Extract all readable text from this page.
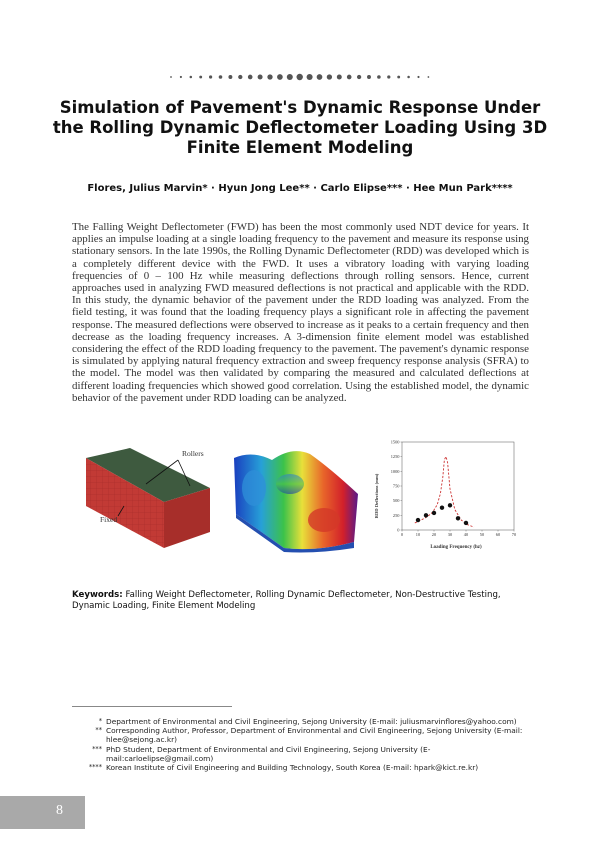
Simulation of Pavement's Dynamic Response Under
the Rolling Dynamic Deflectometer Loading Using 3D
Finite Element Modeling
Flores, Julius Marvin* · Hyun Jong Lee** · Carlo Elipse*** · Hee Mun Park****

The Falling Weight Deflectometer (FWD) has been the most commonly used NDT device for years. It applies an impulse loading at a single loading frequency to the pavement and measure its response using stationary sensors. In the late 1990s, the Rolling Dynamic Deflectometer (RDD) was developed which is a completely different device with the FWD. It uses a vibratory loading with varying loading frequencies of 0 – 100 Hz while measuring deflections through rolling sensors. Hence, current approaches used in analyzing FWD measured deflections is not practical and applicable with the RDD. In this study, the dynamic behavior of the pavement under the RDD loading was analyzed. From the field testing, it was found that the loading frequency plays a significant role in affecting the pavement response. The measured deflections were observed to increase as it peaks to a certain frequency and then decrease as the loading frequency increases. A 3-dimension finite element model was established considering the effect of the RDD loading frequency to the pavement. The pavement's dynamic response is simulated by applying natural frequency extraction and sweep frequency response analysis (SFRA) to the model. The model was then validated by comparing the measured and calculated deflections at different loading frequencies which showed good correlation. Using the established model, the dynamic behavior of the pavement under RDD loading can be analyzed.

Rollers
Fixed
0	10	20	30	40	50	60	70
0
250
500
750
1000
1250
1500
Loading Frequency (hz)
RDD Deflections (mm)
Keywords: Falling Weight Deflectometer, Rolling Dynamic Deflectometer, Non-Destructive Testing, Dynamic Loading, Finite Element Modeling
* Department of Environmental and Civil Engineering, Sejong University (E-mail: juliusmarvinflores@yahoo.com)
** Corresponding Author, Professor, Department of Environmental and Civil Engineering, Sejong University (E-mail: hlee@sejong.ac.kr)
*** PhD Student, Department of Environmental and Civil Engineering, Sejong University (E-mail:carloelipse@gmail.com)
**** Korean Institute of Civil Engineering and Building Technology, South Korea (E-mail: hpark@kict.re.kr)
8
